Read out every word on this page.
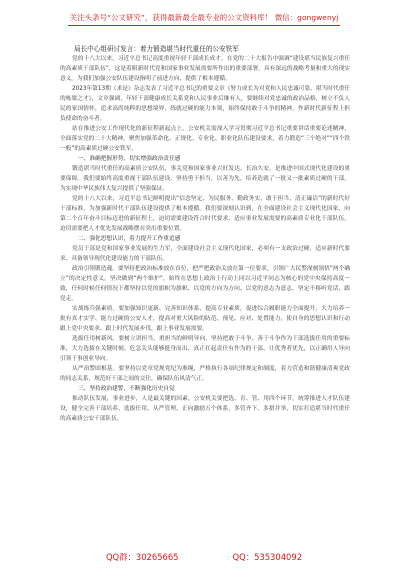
关注头条号“公文研究”，获得最新最全最专业的公文资料库！ 微信：gongwenyj
局长中心组研讨发言：着力锻造堪当时代重任的公安铁军

党的十八大以来，习近平总书记高度重视年轻干部成长成才。在党的二十大报告中强调“建设堪当民族复兴重任的高素质干部队伍”，这是着眼新时代党和国家事业发展需要所作出的重要部署。具有深远的战略考量和重大的现实意义。为我们加强公安队伍建设指明了前进方向、提供了根本遵循。

2023年第13期《求是》杂志发表了习近平总书记的重要文章《努力成长为对党和人民忠诚可靠、堪当时代重任的栋梁之才》，文章强调，年轻干部健康成长关系党和人民事业后继有人，要继续对党忠诚的政治品格，树立不负人民的家国情怀，追求高尚纯粹的思想境界，练就过硬的能力本领，始终保持敢于斗争的精神，作新时代新征程上担负使命的奋斗者。

站在推进公安工作现代化的新征程新起点上，公安机关需深入学习贯彻习近平总书记重要讲话重要论述精神，全面落实党的二十大精神，聚焦加强革命化、正规化、专业化、职业化队伍建设要求，着力锻造“三个绝对”“四个铁一般”的高素质过硬公安铁军。

一、准确把握形势，切实增强政治责任感

锻造堪当时代重任的高素质公安队伍，事关党和国家事业兴旺发达、长治久安，是推进中国式现代化建设的重要保障。我们要始终高度重视干部队伍建设，坚持勇于担当，以善为先，培养造就了一批又一批素质过硬的干部，为实现中华民族伟大复兴提供了坚强保证。

党的十八大以来，习近平总书记鲜明提出“信念坚定、为民服务、勤政务实、敢于担当、清正廉洁”的新时代好干部标准，为加强新时代干部队伍建设提供了根本遵循。我们要深刻认识到，在全面建设社会主义现代化国家、向第二个百年奋斗目标迈进的新征程上，迫切需要建设符合时代要求、适应事业发展需要的高素质专业化干部队伍，迫切需要把人才优先发展战略摆在突出重要位置。

二、强化思想认识，着力提升工作重追感

党员干部是党和国家事业发展的生力军，全面建设社会主义现代化国家，必须有一支政治过硬、适应新时代要求、具备领导现代化建设能力的干部队伍。

政治引领锻造魂。要坚持把政治标准放在首位，把严把政治关放在第一位要求，引领广大民警深刻领悟“两个确立”的决定性意义，坚决做到“两个维护”，始终在思想上政治上行动上同以习近平同志为核心的党中央保持高度一致，任何时候任何情况下都坚持以党的旗帜为旗帜、以党的方向为方向、以党的意志为意志，坚定不移听党话、跟党走。

实战练兵强素质。要加强知识更新、完善知识体系、提高专业素质，促进综合履职能力全面提升，大力培养一批有真才实学、能力过硬的公安人才，提高对重大风险的防范、预见、应对、处置能力，使自身的思想认识和行动跟上党中央要求、跟上时代发展步伐，跟上事业发展需要。

选拔任用树新风。要树立讲担当、重担当的鲜明导向，坚持把敢于斗争、善于斗争作为干部选拔任用的重要标准，大力选拔在关键时刻、危急关头能够挺身而出、真正扛起责任有作为的干部，让优秀者优先，以正确用人导向引领干事创业导向。

从严治警固根基。要坚持以党章党规党纪为准绳，严格执行各项纪律规定和制度，着力营造和谐健康清爽党政的同志关系，规范好干部之间的交往，确保队伍风清气正。

三、坚持政治建警，不断强化历史自觉

推动队伍发展，事业进步，人是最关键的因素，公安机关要把选、育、管、用四个环节，统筹推进人才队伍建设，健全完善干部培养、选拔任用、从严管理、正向激励五个体系，多管齐下、多措并举，切实打造堪当时代重任的高素质公安干部队伍。

QQ群：30265665	QQ：535304092
